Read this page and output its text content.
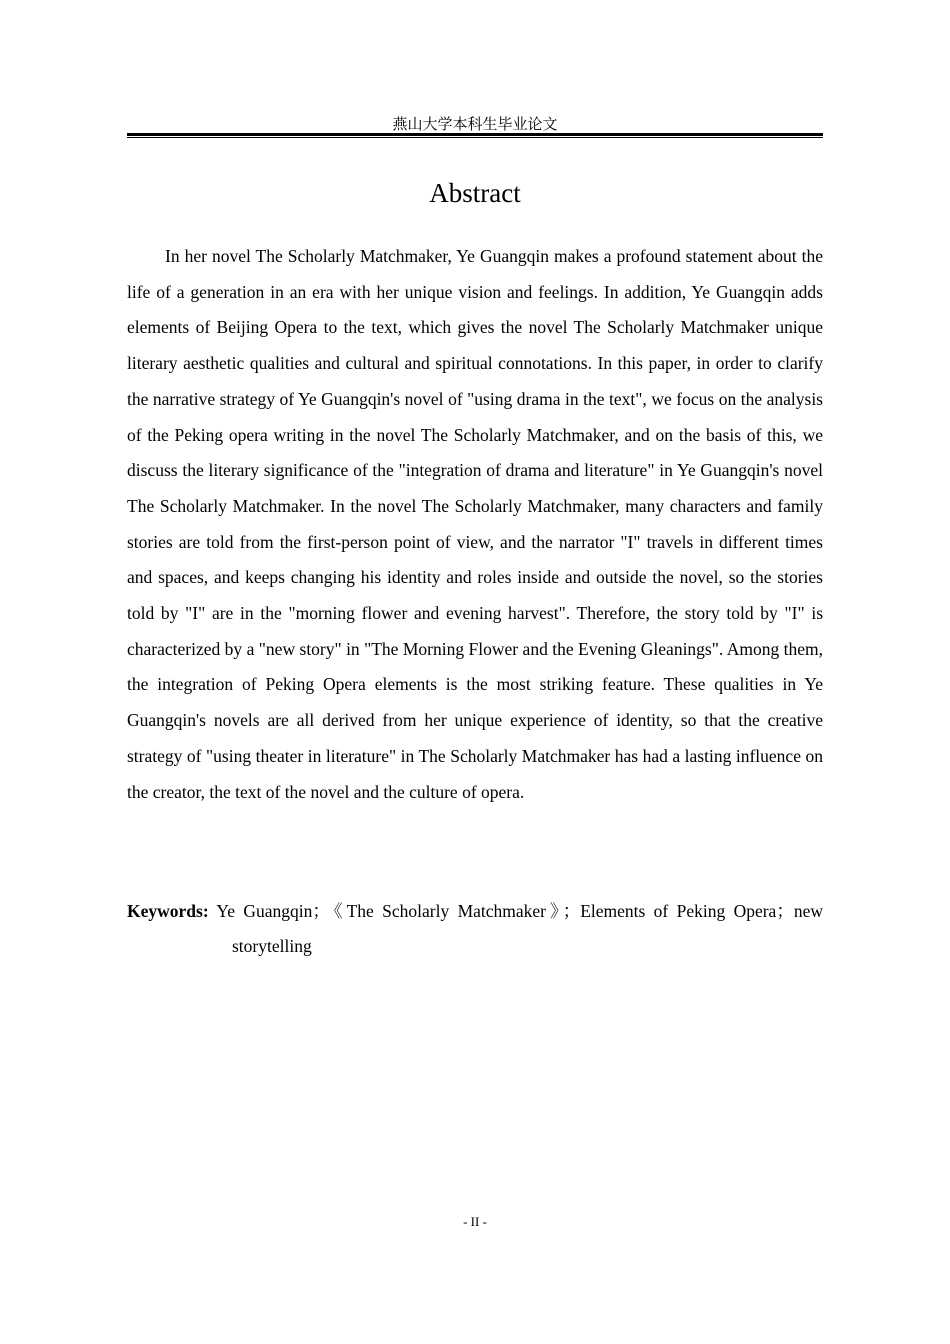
燕山大学本科生毕业论文
Abstract

In her novel The Scholarly Matchmaker, Ye Guangqin makes a profound statement about the life of a generation in an era with her unique vision and feelings. In addition, Ye Guangqin adds elements of Beijing Opera to the text, which gives the novel The Scholarly Matchmaker unique literary aesthetic qualities and cultural and spiritual connotations. In this paper, in order to clarify the narrative strategy of Ye Guangqin's novel of "using drama in the text", we focus on the analysis of the Peking opera writing in the novel The Scholarly Matchmaker, and on the basis of this, we discuss the literary significance of the "integration of drama and literature" in Ye Guangqin's novel The Scholarly Matchmaker. In the novel The Scholarly Matchmaker, many characters and family stories are told from the first-person point of view, and the narrator "I" travels in different times and spaces, and keeps changing his identity and roles inside and outside the novel, so the stories told by "I" are in the "morning flower and evening harvest". Therefore, the story told by "I" is characterized by a "new story" in "The Morning Flower and the Evening Gleanings". Among them, the integration of Peking Opera elements is the most striking feature. These qualities in Ye Guangqin's novels are all derived from her unique experience of identity, so that the creative strategy of "using theater in literature" in The Scholarly Matchmaker has had a lasting influence on the creator, the text of the novel and the culture of opera.

Keywords: Ye Guangqin；《The Scholarly Matchmaker》；Elements of Peking Opera；new storytelling

- II -
